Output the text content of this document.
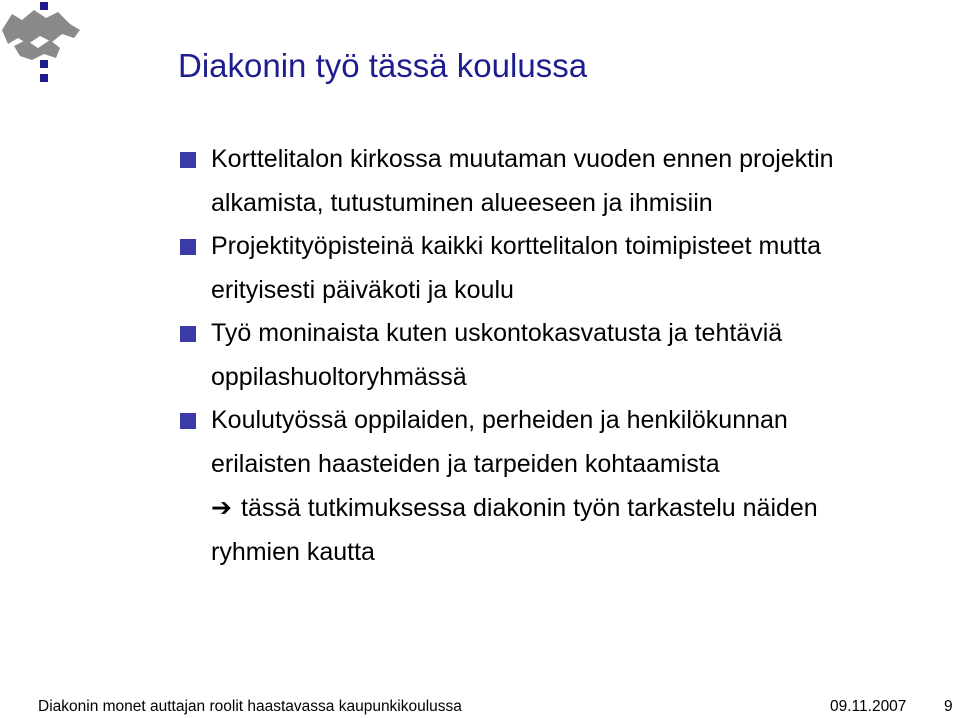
Diakonin työ tässä koulussa
Korttelitalon kirkossa muutaman vuoden ennen projektin
alkamista, tutustuminen alueeseen ja ihmisiin
Projektityöpisteinä kaikki korttelitalon toimipisteet mutta
erityisesti päiväkoti ja koulu
Työ moninaista kuten uskontokasvatusta ja tehtäviä
oppilashuoltoryhmässä
Koulutyössä oppilaiden, perheiden ja henkilökunnan
erilaisten haasteiden ja tarpeiden kohtaamista
➔ tässä tutkimuksessa diakonin työn tarkastelu näiden
ryhmien kautta
Diakonin monet auttajan roolit haastavassa kaupunkikoulussa	09.11.2007 9
